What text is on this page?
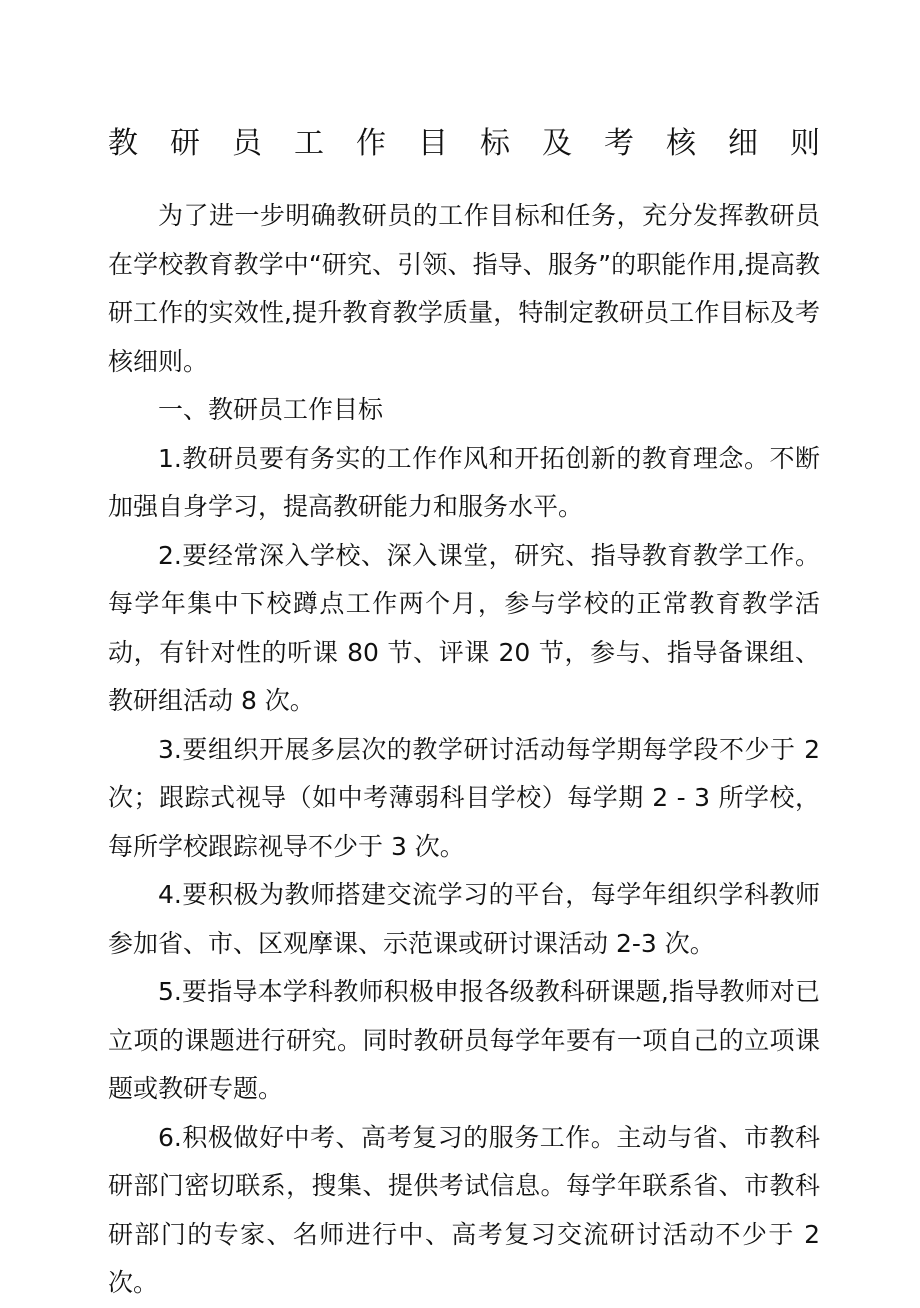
教研员工作目标及考核细则

为了进一步明确教研员的工作目标和任务，充分发挥教研员在学校教育教学中“研究、引领、指导、服务”的职能作用,提高教研工作的实效性,提升教育教学质量，特制定教研员工作目标及考核细则。

一、教研员工作目标

1.教研员要有务实的工作作风和开拓创新的教育理念。不断加强自身学习，提高教研能力和服务水平。

2.要经常深入学校、深入课堂，研究、指导教育教学工作。每学年集中下校蹲点工作两个月，参与学校的正常教育教学活动，有针对性的听课 80 节、评课 20 节，参与、指导备课组、教研组活动 8 次。

3.要组织开展多层次的教学研讨活动每学期每学段不少于 2 次；跟踪式视导（如中考薄弱科目学校）每学期 2 - 3 所学校，每所学校跟踪视导不少于 3 次。

4.要积极为教师搭建交流学习的平台，每学年组织学科教师参加省、市、区观摩课、示范课或研讨课活动 2-3 次。

5.要指导本学科教师积极申报各级教科研课题,指导教师对已立项的课题进行研究。同时教研员每学年要有一项自己的立项课题或教研专题。

6.积极做好中考、高考复习的服务工作。主动与省、市教科研部门密切联系，搜集、提供考试信息。每学年联系省、市教科研部门的专家、名师进行中、高考复习交流研讨活动不少于 2 次。
